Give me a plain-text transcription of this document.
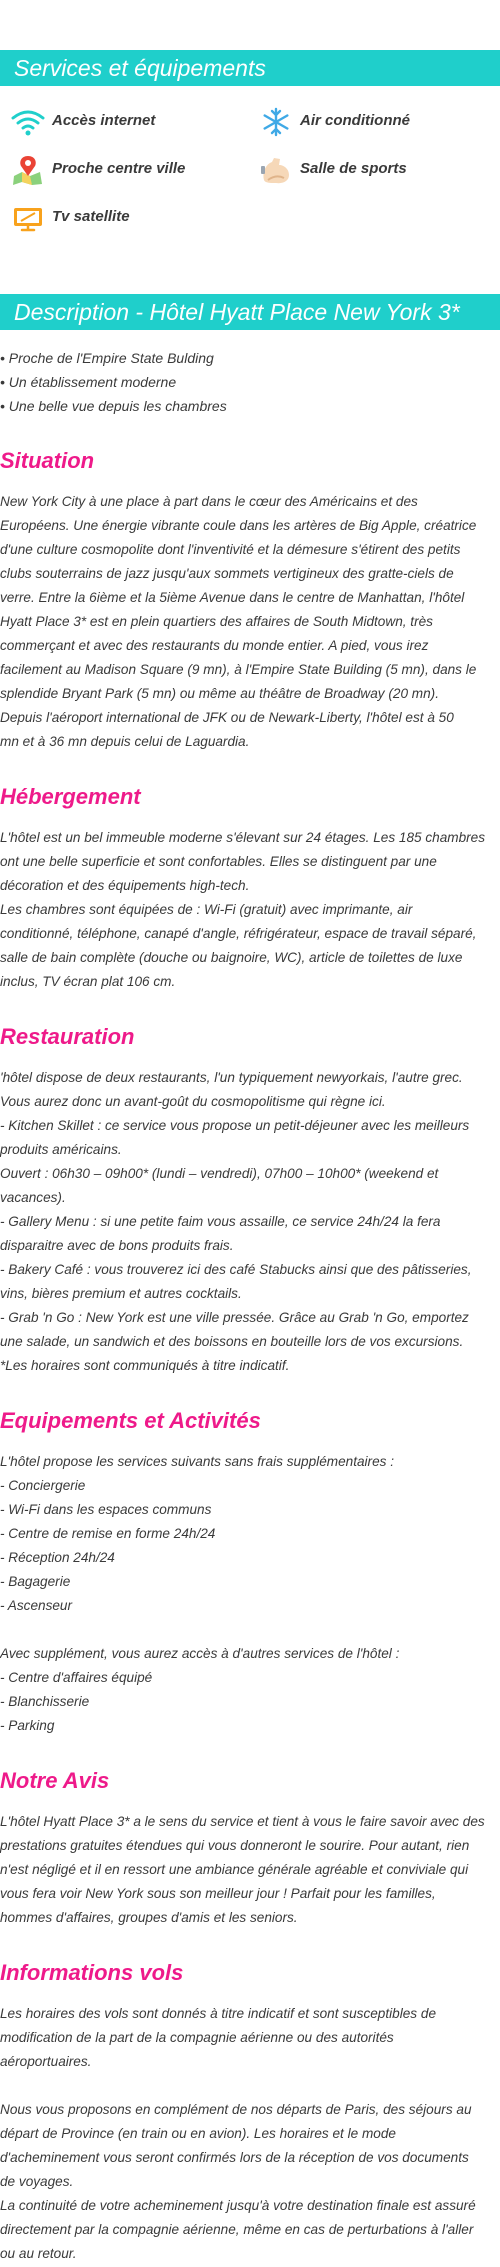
Services et équipements
Accès internet	Air conditionné
Proche centre ville	Salle de sports
Tv satellite
Description - Hôtel Hyatt Place New York 3*
• Proche de l'Empire State Bulding
• Un établissement moderne
• Une belle vue depuis les chambres
Situation
New York City à une place à part dans le cœur des Américains et des
Européens. Une énergie vibrante coule dans les artères de Big Apple, créatrice
d'une culture cosmopolite dont l'inventivité et la démesure s'étirent des petits
clubs souterrains de jazz jusqu'aux sommets vertigineux des gratte-ciels de
verre. Entre la 6ième et la 5ième Avenue dans le centre de Manhattan, l'hôtel
Hyatt Place 3* est en plein quartiers des affaires de South Midtown, très
commerçant et avec des restaurants du monde entier. A pied, vous irez
facilement au Madison Square (9 mn), à l'Empire State Building (5 mn), dans le
splendide Bryant Park (5 mn) ou même au théâtre de Broadway (20 mn).
Depuis l'aéroport international de JFK ou de Newark-Liberty, l'hôtel est à 50
mn et à 36 mn depuis celui de Laguardia.
Hébergement
L'hôtel est un bel immeuble moderne s'élevant sur 24 étages. Les 185 chambres
ont une belle superficie et sont confortables. Elles se distinguent par une
décoration et des équipements high-tech.
Les chambres sont équipées de : Wi-Fi (gratuit) avec imprimante, air
conditionné, téléphone, canapé d'angle, réfrigérateur, espace de travail séparé,
salle de bain complète (douche ou baignoire, WC), article de toilettes de luxe
inclus, TV écran plat 106 cm.
Restauration
'hôtel dispose de deux restaurants, l'un typiquement newyorkais, l'autre grec.
Vous aurez donc un avant-goût du cosmopolitisme qui règne ici.
- Kitchen Skillet : ce service vous propose un petit-déjeuner avec les meilleurs
produits américains.
Ouvert : 06h30 – 09h00* (lundi – vendredi), 07h00 – 10h00* (weekend et
vacances).
- Gallery Menu : si une petite faim vous assaille, ce service 24h/24 la fera
disparaitre avec de bons produits frais.
- Bakery Café : vous trouverez ici des café Stabucks ainsi que des pâtisseries,
vins, bières premium et autres cocktails.
- Grab 'n Go : New York est une ville pressée. Grâce au Grab 'n Go, emportez
une salade, un sandwich et des boissons en bouteille lors de vos excursions.
*Les horaires sont communiqués à titre indicatif.
Equipements et Activités
L'hôtel propose les services suivants sans frais supplémentaires :
- Conciergerie
- Wi-Fi dans les espaces communs
- Centre de remise en forme 24h/24
- Réception 24h/24
- Bagagerie
- Ascenseur
Avec supplément, vous aurez accès à d'autres services de l'hôtel :
- Centre d'affaires équipé
- Blanchisserie
- Parking
Notre Avis
L'hôtel Hyatt Place 3* a le sens du service et tient à vous le faire savoir avec des
prestations gratuites étendues qui vous donneront le sourire. Pour autant, rien
n'est négligé et il en ressort une ambiance générale agréable et conviviale qui
vous fera voir New York sous son meilleur jour ! Parfait pour les familles,
hommes d'affaires, groupes d'amis et les seniors.
Informations vols
Les horaires des vols sont donnés à titre indicatif et sont susceptibles de
modification de la part de la compagnie aérienne ou des autorités
aéroportuaires.
Nous vous proposons en complément de nos départs de Paris, des séjours au
départ de Province (en train ou en avion). Les horaires et le mode
d'acheminement vous seront confirmés lors de la réception de vos documents
de voyages.
La continuité de votre acheminement jusqu'à votre destination finale est assuré
directement par la compagnie aérienne, même en cas de perturbations à l'aller
ou au retour.
